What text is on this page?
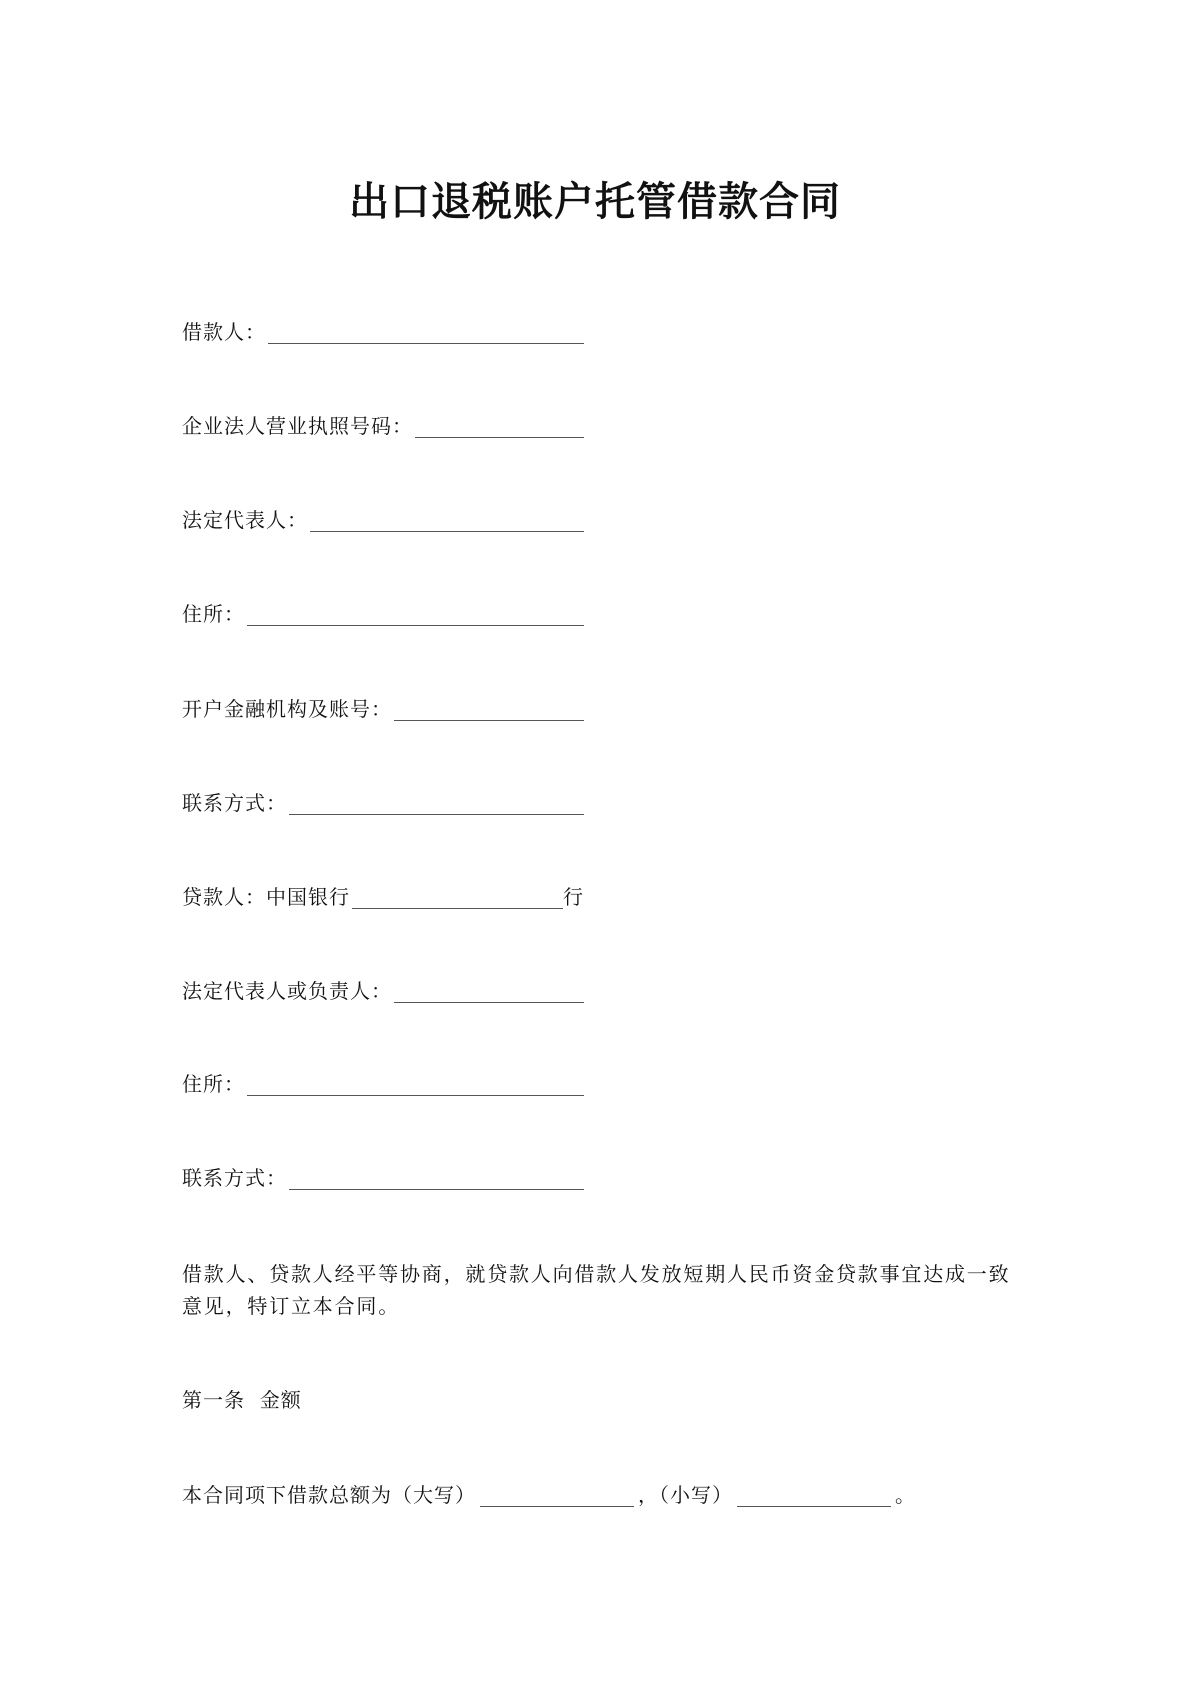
出口退税账户托管借款合同
借款人：
企业法人营业执照号码：
法定代表人：
住所：
开户金融机构及账号：
联系方式：
贷款人：中国银行	行
法定代表人或负责人：
住所：
联系方式：
借款人、贷款人经平等协商，就贷款人向借款人发放短期人民币资金贷款事宜达成一致意见，特订立本合同。
第一条  金额
本合同项下借款总额为（大写）	，（小写）	。
